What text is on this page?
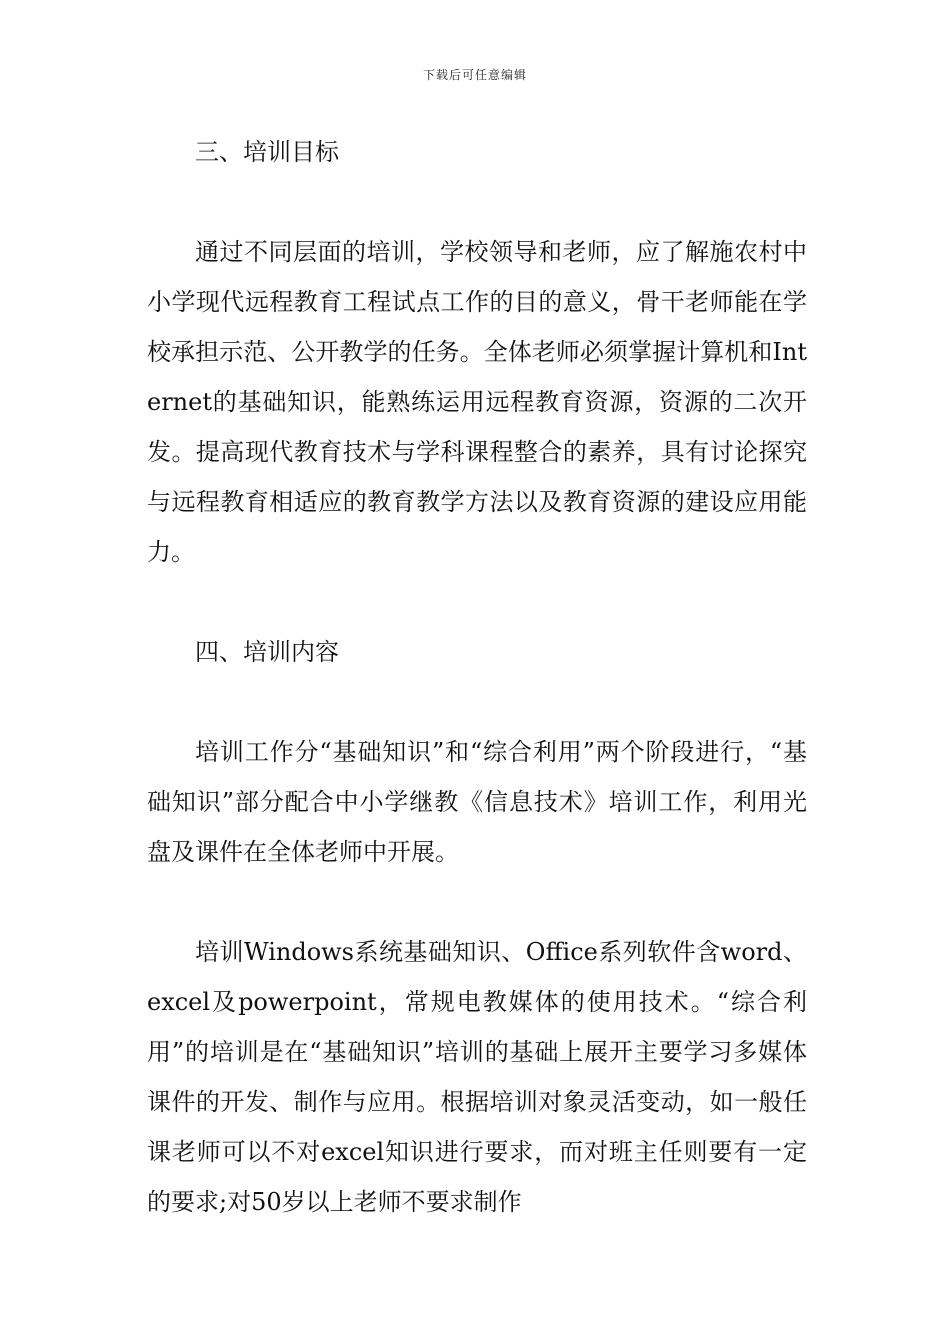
下载后可任意编辑
三、培训目标

通过不同层面的培训，学校领导和老师，应了解施农村中小学现代远程教育工程试点工作的目的意义，骨干老师能在学校承担示范、公开教学的任务。全体老师必须掌握计算机和Internet的基础知识，能熟练运用远程教育资源，资源的二次开发。提高现代教育技术与学科课程整合的素养，具有讨论探究与远程教育相适应的教育教学方法以及教育资源的建设应用能力。

四、培训内容

培训工作分“基础知识”和“综合利用”两个阶段进行，“基础知识”部分配合中小学继教《信息技术》培训工作，利用光盘及课件在全体老师中开展。

培训Windows系统基础知识、Office系列软件含word、excel及powerpoint，常规电教媒体的使用技术。“综合利用”的培训是在“基础知识”培训的基础上展开主要学习多媒体课件的开发、制作与应用。根据培训对象灵活变动，如一般任课老师可以不对excel知识进行要求，而对班主任则要有一定的要求;对50岁以上老师不要求制作
